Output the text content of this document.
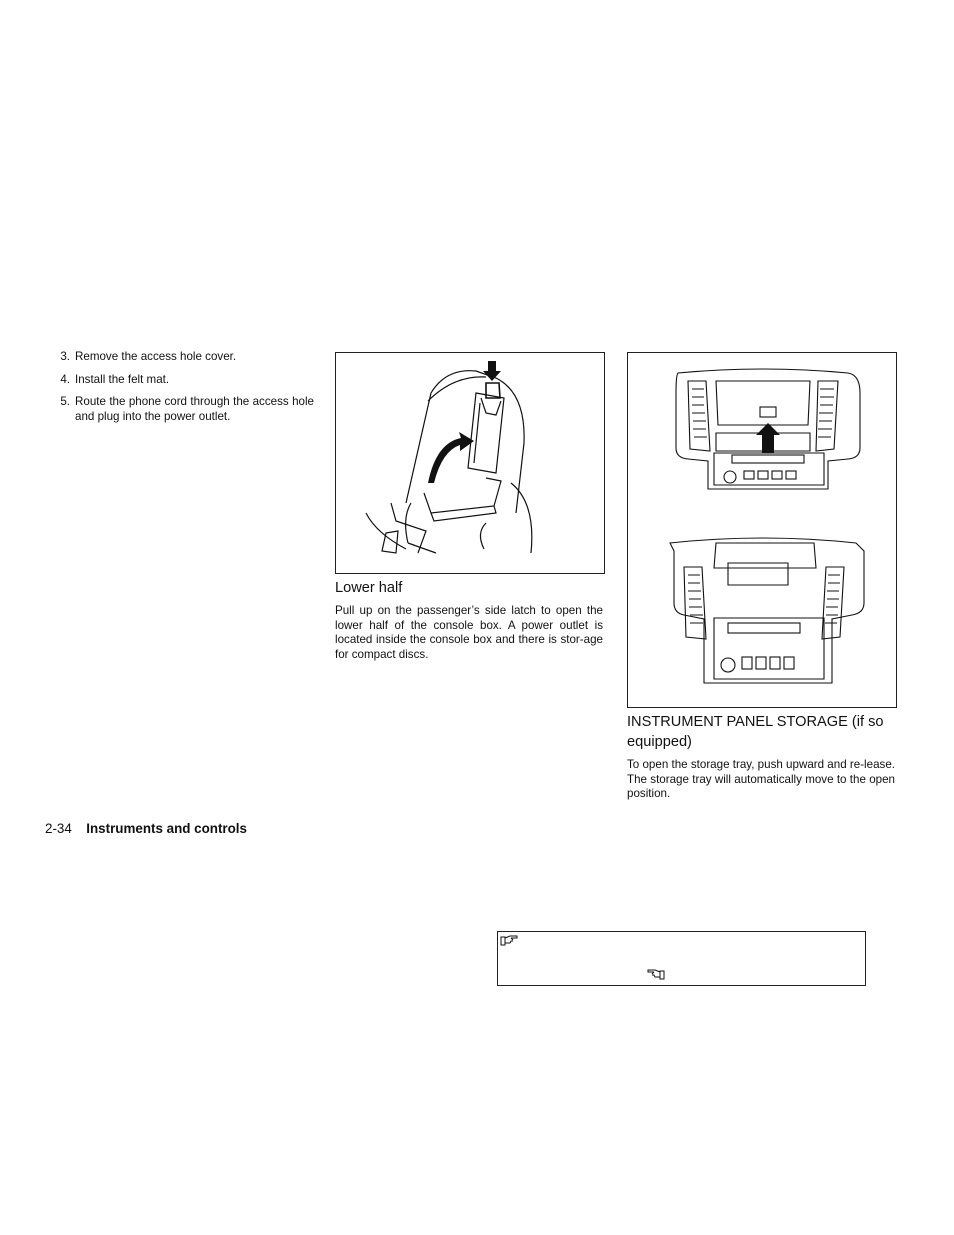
3. Remove the access hole cover.
4. Install the felt mat.
5. Route the phone cord through the access hole and plug into the power outlet.
Lower half

Pull up on the passenger’s side latch to open the lower half of the console box. A power outlet is located inside the console box and there is stor-age for compact discs.

INSTRUMENT PANEL STORAGE (if so equipped)

To open the storage tray, push upward and re-lease. The storage tray will automatically move to the open position.

2-34 Instruments and controls
